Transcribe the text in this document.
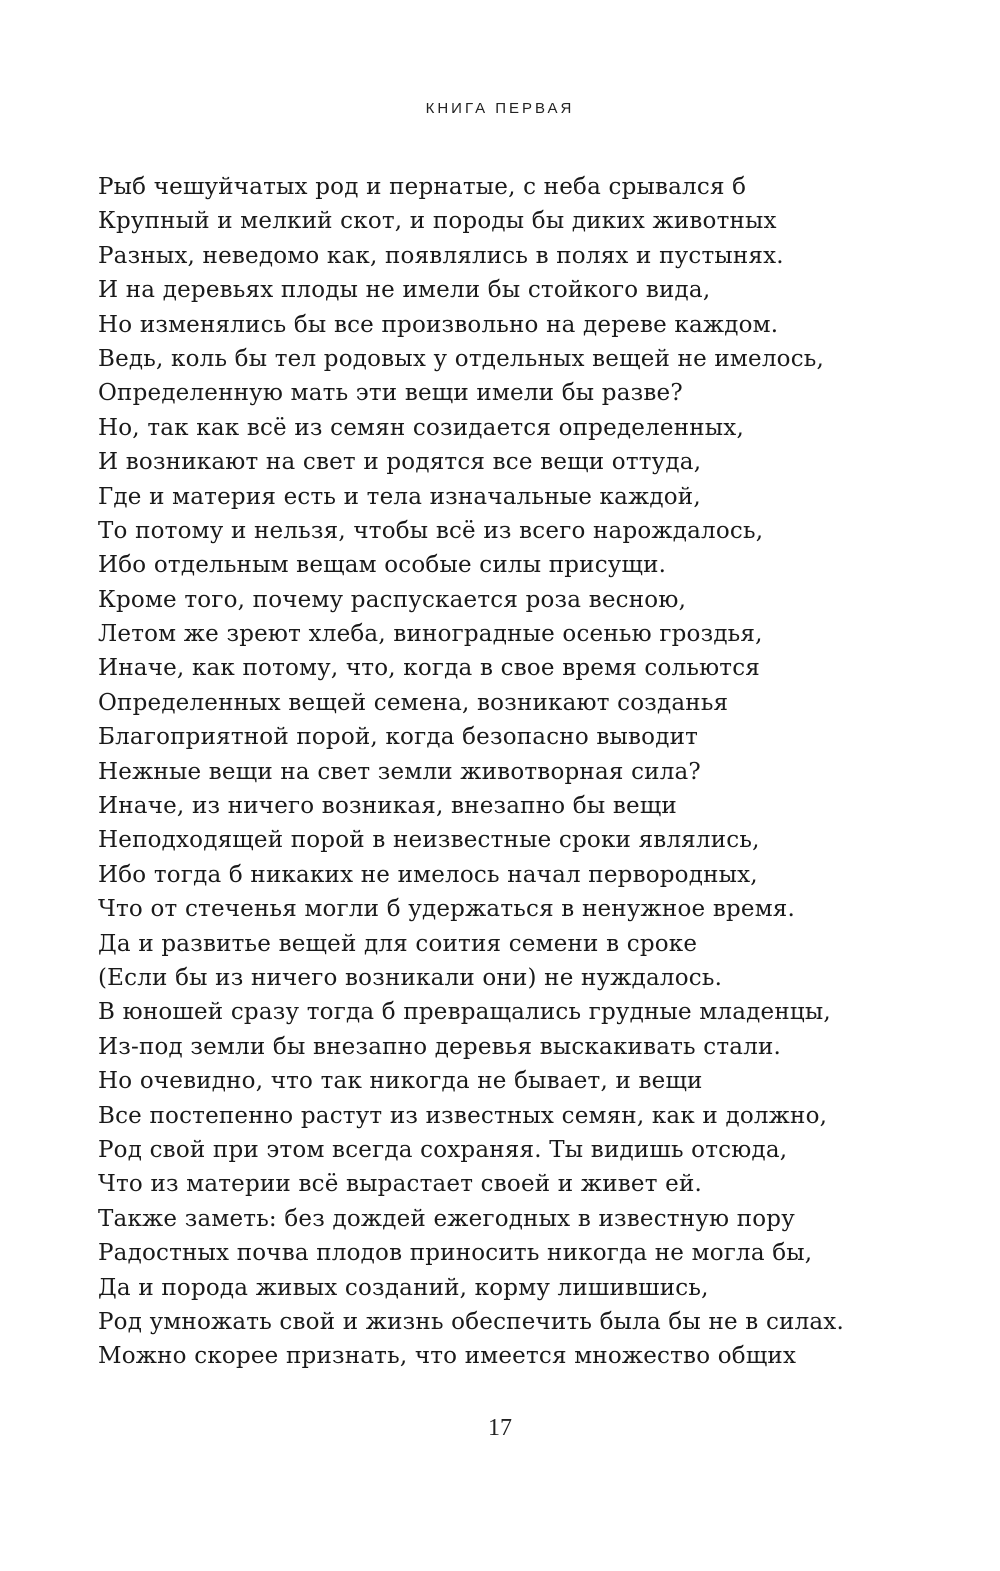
КНИГА ПЕРВАЯ
Рыб чешуйчатых род и пернатые, с неба срывался б
Крупный и мелкий скот, и породы бы диких животных
Разных, неведомо как, появлялись в полях и пустынях.
И на деревьях плоды не имели бы стойкого вида,
Но изменялись бы все произвольно на дереве каждом.
Ведь, коль бы тел родовых у отдельных вещей не имелось,
Определенную мать эти вещи имели бы разве?
Но, так как всё из семян созидается определенных,
И возникают на свет и родятся все вещи оттуда,
Где и материя есть и тела изначальные каждой,
То потому и нельзя, чтобы всё из всего нарождалось,
Ибо отдельным вещам особые силы присущи.
Кроме того, почему распускается роза весною,
Летом же зреют хлеба, виноградные осенью гроздья,
Иначе, как потому, что, когда в свое время сольются
Определенных вещей семена, возникают созданья
Благоприятной порой, когда безопасно выводит
Нежные вещи на свет земли животворная сила?
Иначе, из ничего возникая, внезапно бы вещи
Неподходящей порой в неизвестные сроки являлись,
Ибо тогда б никаких не имелось начал первородных,
Что от стеченья могли б удержаться в ненужное время.
Да и развитье вещей для соития семени в сроке
(Если бы из ничего возникали они) не нуждалось.
В юношей сразу тогда б превращались грудные младенцы,
Из-под земли бы внезапно деревья выскакивать стали.
Но очевидно, что так никогда не бывает, и вещи
Все постепенно растут из известных семян, как и должно,
Род свой при этом всегда сохраняя. Ты видишь отсюда,
Что из материи всё вырастает своей и живет ей.
Также заметь: без дождей ежегодных в известную пору
Радостных почва плодов приносить никогда не могла бы,
Да и порода живых созданий, корму лишившись,
Род умножать свой и жизнь обеспечить была бы не в силах.
Можно скорее признать, что имеется множество общих
17
